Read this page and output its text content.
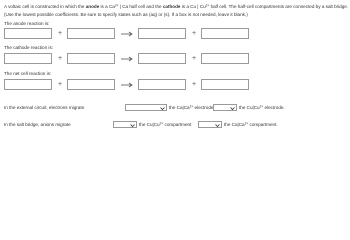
A voltaic cell is constructed in which the anode is a $Ca^{2+}$ | Ca half cell and the cathode is a Cu | $Cu^{2+}$ half cell. The half-cell compartments are connected by a salt bridge.
(Use the lowest possible coefficients. Be sure to specify states such as (aq) or (s). If a box is not needed, leave it blank.)
The anode reaction is:
+	+
The cathode reaction is:
+	+
The net cell reaction is:
+	+
In the external circuit, electrons migrate	the $Ca|Ca^{2+}$ electrode	the $Cu|Cu^{2+}$ electrode.
In the salt bridge, anions migrate	the $Cu|Cu^{2+}$ compartment	the $Ca|Ca^{2+}$ compartment.
